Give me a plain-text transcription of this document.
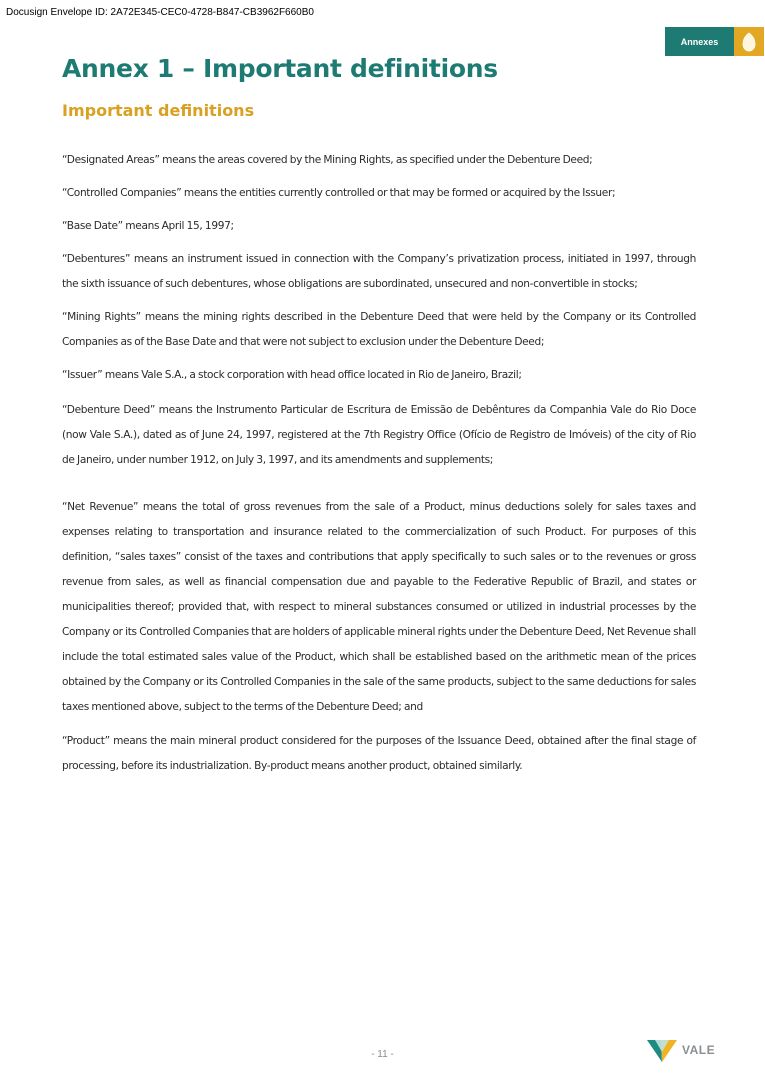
Docusign Envelope ID: 2A72E345-CEC0-4728-B847-CB3962F660B0
Annexes
Annex 1 – Important definitions
Important definitions

“Designated Areas” means the areas covered by the Mining Rights, as specified under the Debenture Deed;

“Controlled Companies” means the entities currently controlled or that may be formed or acquired by the Issuer;

“Base Date” means April 15, 1997;

“Debentures” means an instrument issued in connection with the Company’s privatization process, initiated in 1997, through the sixth issuance of such debentures, whose obligations are subordinated, unsecured and non-convertible in stocks;

“Mining Rights” means the mining rights described in the Debenture Deed that were held by the Company or its Controlled Companies as of the Base Date and that were not subject to exclusion under the Debenture Deed;

“Issuer” means Vale S.A., a stock corporation with head office located in Rio de Janeiro, Brazil;

“Debenture Deed” means the Instrumento Particular de Escritura de Emissão de Debêntures da Companhia Vale do Rio Doce (now Vale S.A.), dated as of June 24, 1997, registered at the 7th Registry Office (Ofício de Registro de Imóveis) of the city of Rio de Janeiro, under number 1912, on July 3, 1997, and its amendments and supplements;

“Net Revenue” means the total of gross revenues from the sale of a Product, minus deductions solely for sales taxes and expenses relating to transportation and insurance related to the commercialization of such Product. For purposes of this definition, “sales taxes” consist of the taxes and contributions that apply specifically to such sales or to the revenues or gross revenue from sales, as well as financial compensation due and payable to the Federative Republic of Brazil, and states or municipalities thereof; provided that, with respect to mineral substances consumed or utilized in industrial processes by the Company or its Controlled Companies that are holders of applicable mineral rights under the Debenture Deed, Net Revenue shall include the total estimated sales value of the Product, which shall be established based on the arithmetic mean of the prices obtained by the Company or its Controlled Companies in the sale of the same products, subject to the same deductions for sales taxes mentioned above, subject to the terms of the Debenture Deed; and

“Product” means the main mineral product considered for the purposes of the Issuance Deed, obtained after the final stage of processing, before its industrialization. By-product means another product, obtained similarly.

- 11 -	VALE
